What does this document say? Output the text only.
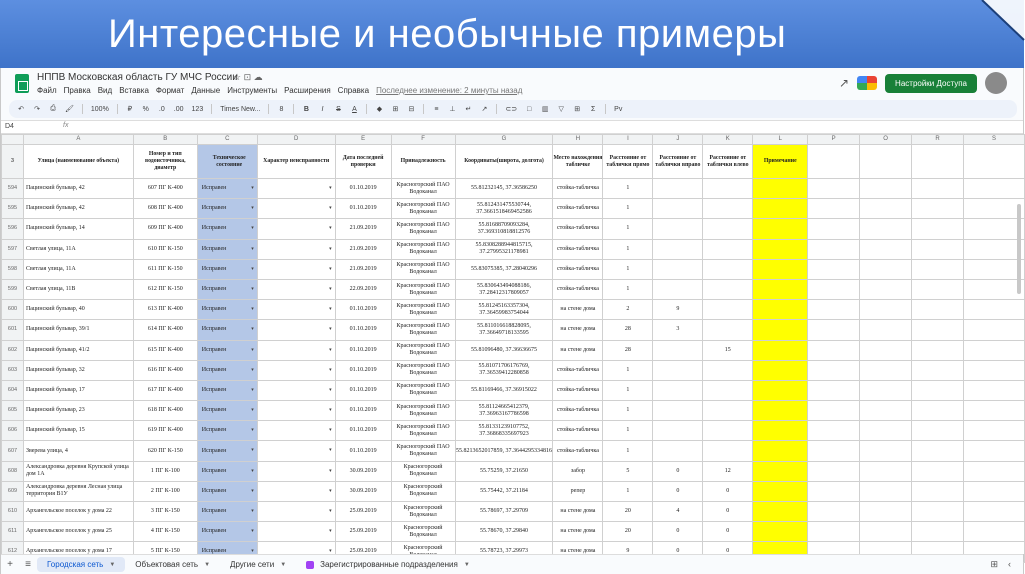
Интересные и необычные примеры
НППВ Московская область ГУ МЧС России
☆ ⊡ ☁
Файл Правка Вид Вставка Формат Данные Инструменты Расширения Справка Последнее изменение: 2 минуты назад
↗	Настройки Доступа
↶ ↷ ⎙ 🖌 100%	₽ % .0 .00 123 Times New...	8	B	I	S A	◆ ⊞ ⊟	≡ ⊥ ↵ ↗	⊂⊃ □ ▥ ▽ ⊞ Σ	Рv
D4	fx
	A	B	C	D	E	F	G	H	I	J	K	L	P	O	R	S
3	Улица (наименование объекта)	Номер и тип водоисточника, диаметр	Техническое состояние	Характер неисправности	Дата последней проверки	Принадлежность	Координаты(широта, долгота)	Место нахождения табличке	Расстояние от таблички прямо	Расстояние от таблички вправо	Расстояние от таблички влево	Примечание				
594	Пацинский бульвар, 42	607 ПГ К-400	Исправен ▾	▾	01.10.2019	Красногорский ПАО Водоканал	55.81232145, 37.36586250	стойка-табличка	1							
595	Пацинский бульвар, 42	608 ПГ К-400	Исправен ▾	▾	01.10.2019	Красногорский ПАО Водоканал	55.812431475530744, 37.3661518469452586	стойка-табличка	1							
596	Пацинский бульвар, 14	609 ПГ К-400	Исправен ▾	▾	21.09.2019	Красногорский ПАО Водоканал	55.81688709093284, 37.369310818812576	стойка-табличка	1							
597	Светлая улица, 11А	610 ПГ К-150	Исправен ▾	▾	21.09.2019	Красногорский ПАО Водоканал	55.8308288944815715, 37.27995321178981	стойка-табличка	1							
598	Светлая улица, 11А	611 ПГ К-150	Исправен ▾	▾	21.09.2019	Красногорский ПАО Водоканал	55.83075385, 37.28040296	стойка-табличка	1							
599	Светлая улица, 11В	612 ПГ К-150	Исправен ▾	▾	22.09.2019	Красногорский ПАО Водоканал	55.830643494088186, 37.28412317809057	стойка-табличка	1							
600	Пацинский бульвар, 40	613 ПГ К-400	Исправен ▾	▾	01.10.2019	Красногорский ПАО Водоканал	55.81245163357304, 37.36459983754044	на стене дома	2	9						
601	Пацинский бульвар, 39/1	614 ПГ К-400	Исправен ▾	▾	01.10.2019	Красногорский ПАО Водоканал	55.811016618828095, 37.36649718133595	на стене дома	28	3						
602	Пацинский бульвар, 41/2	615 ПГ К-400	Исправен ▾	▾	01.10.2019	Красногорский ПАО Водоканал	55.81096480, 37.36636675	на стене дома	28		15					
603	Пацинский бульвар, 32	616 ПГ К-400	Исправен ▾	▾	01.10.2019	Красногорский ПАО Водоканал	55.81071706176769, 37.36539412280858	стойка-табличка	1							
604	Пацинский бульвар, 17	617 ПГ К-400	Исправен ▾	▾	01.10.2019	Красногорский ПАО Водоканал	55.81169466, 37.36915022	стойка-табличка	1							
605	Пацинский бульвар, 23	618 ПГ К-400	Исправен ▾	▾	01.10.2019	Красногорский ПАО Водоканал	55.81124665412379, 37.36963167786598	стойка-табличка	1							
606	Пацинский бульвар, 15	619 ПГ К-400	Исправен ▾	▾	01.10.2019	Красногорский ПАО Водоканал	55.81331239107752, 37.36868335697923	стойка-табличка	1							
607	Зверева улица, 4	620 ПГ К-150	Исправен ▾	▾	01.10.2019	Красногорский ПАО Водоканал	55.8213652017859, 37.3644295334816	стойка-табличка	1							
608	Александровка деревня Крупской улица дом 1А	1 ПГ К-100	Исправен ▾	▾	30.09.2019	Красногорский Водоканал	55.75259, 37.21650	забор	5	0	12					
609	Александровка деревня Лесная улица территория В1У	2 ПГ К-100	Исправен ▾	▾	30.09.2019	Красногорский Водоканал	55.75442, 37.21184	репер	1	0	0					
610	Архангельское поселок у дома 22	3 ПГ К-150	Исправен ▾	▾	25.09.2019	Красногорский Водоканал	55.78697, 37.29709	на стене дома	20	4	0					
611	Архангельское поселок у дома 25	4 ПГ К-150	Исправен ▾	▾	25.09.2019	Красногорский Водоканал	55.78670, 37.29840	на стене дома	20	0	0					
612	Архангельское поселок у дома 17	5 ПГ К-150	Исправен ▾	▾	25.09.2019	Красногорский	55.78723, 37.29973	на стене дома	9	0	0					
+	≡	Городская сеть ▼	Объектовая сеть ▼	Другие сети ▼	Зарегистрированные подразделения ▼	⊞ ‹
